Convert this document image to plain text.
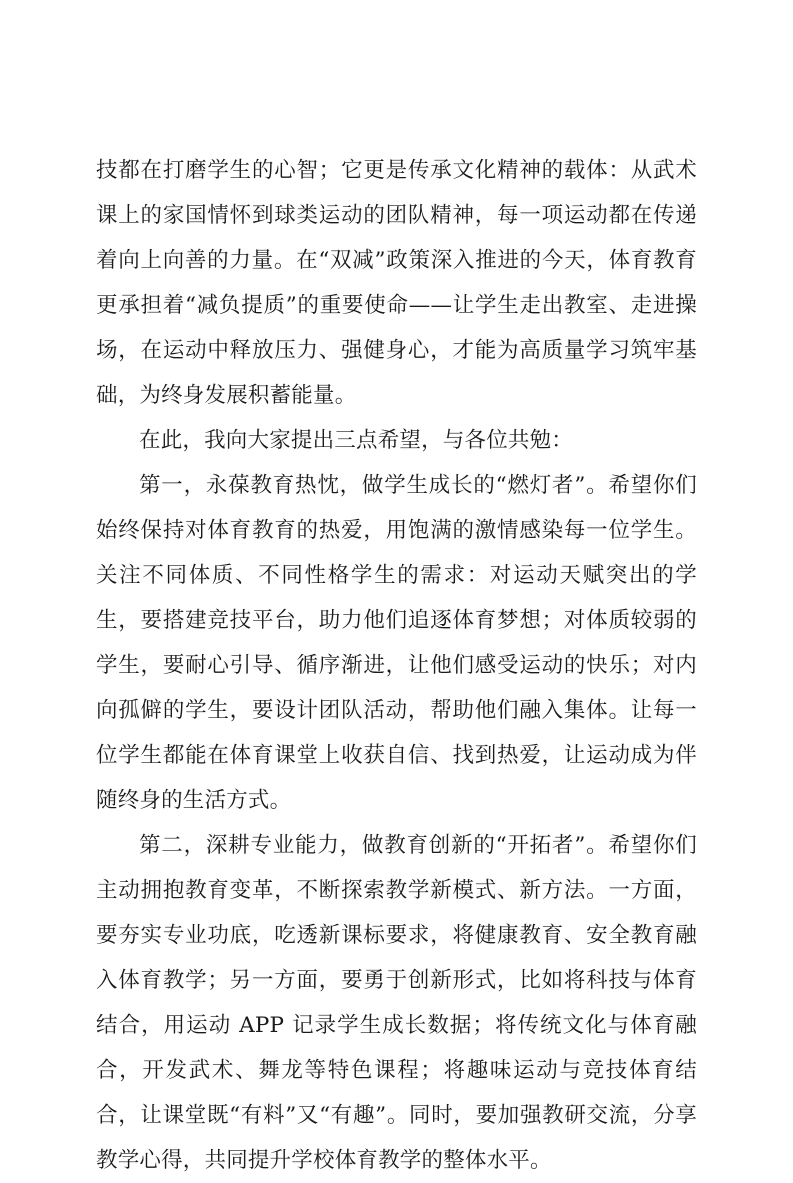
技都在打磨学生的心智；它更是传承文化精神的载体：从武术课上的家国情怀到球类运动的团队精神，每一项运动都在传递着向上向善的力量。在“双减”政策深入推进的今天，体育教育更承担着“减负提质”的重要使命——让学生走出教室、走进操场，在运动中释放压力、强健身心，才能为高质量学习筑牢基础，为终身发展积蓄能量。

在此，我向大家提出三点希望，与各位共勉：

第一，永葆教育热忱，做学生成长的“燃灯者”。希望你们始终保持对体育教育的热爱，用饱满的激情感染每一位学生。关注不同体质、不同性格学生的需求：对运动天赋突出的学生，要搭建竞技平台，助力他们追逐体育梦想；对体质较弱的学生，要耐心引导、循序渐进，让他们感受运动的快乐；对内向孤僻的学生，要设计团队活动，帮助他们融入集体。让每一位学生都能在体育课堂上收获自信、找到热爱，让运动成为伴随终身的生活方式。

第二，深耕专业能力，做教育创新的“开拓者”。希望你们主动拥抱教育变革，不断探索教学新模式、新方法。一方面，要夯实专业功底，吃透新课标要求，将健康教育、安全教育融入体育教学；另一方面，要勇于创新形式，比如将科技与体育结合，用运动 APP 记录学生成长数据；将传统文化与体育融合，开发武术、舞龙等特色课程；将趣味运动与竞技体育结合，让课堂既“有料”又“有趣”。同时，要加强教研交流，分享教学心得，共同提升学校体育教学的整体水平。
